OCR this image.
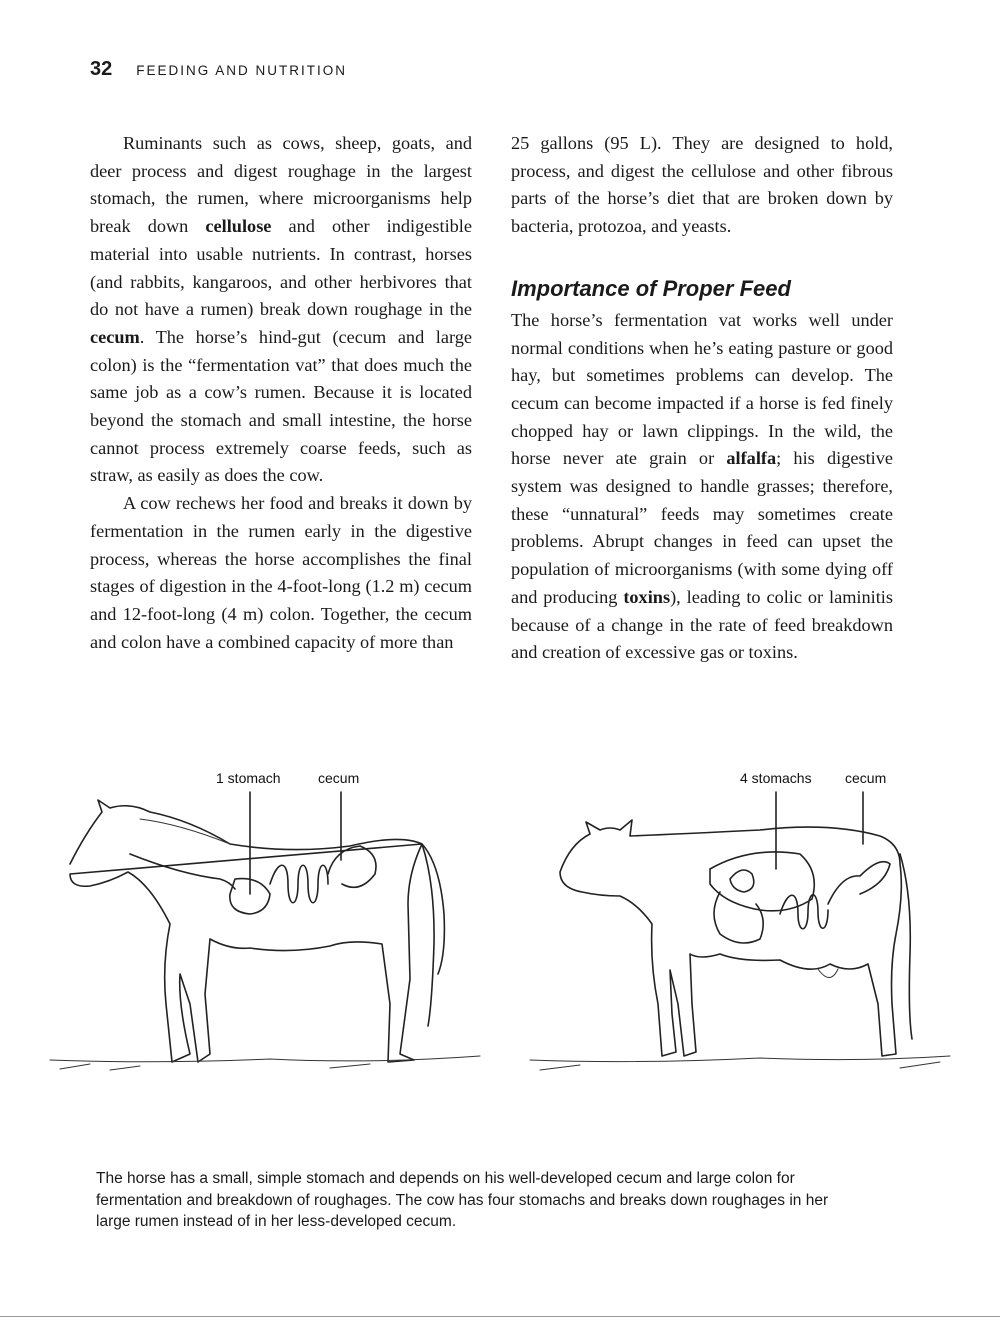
32 FEEDING AND NUTRITION

Ruminants such as cows, sheep, goats, and deer process and digest roughage in the largest stomach, the rumen, where microorganisms help break down cellulose and other indigestible material into usable nutrients. In contrast, horses (and rabbits, kangaroos, and other herbivores that do not have a rumen) break down roughage in the cecum. The horse’s hind-gut (cecum and large colon) is the “fermentation vat” that does much the same job as a cow’s rumen. Because it is located beyond the stomach and small intestine, the horse cannot process extremely coarse feeds, such as straw, as easily as does the cow.

A cow rechews her food and breaks it down by fermentation in the rumen early in the digestive process, whereas the horse accomplishes the final stages of digestion in the 4-foot-long (1.2 m) cecum and 12-foot-long (4 m) colon. Together, the cecum and colon have a combined capacity of more than

25 gallons (95 L). They are designed to hold, process, and digest the cellulose and other fibrous parts of the horse’s diet that are broken down by bacteria, protozoa, and yeasts.

Importance of Proper Feed

The horse’s fermentation vat works well under normal conditions when he’s eating pasture or good hay, but sometimes problems can develop. The cecum can become impacted if a horse is fed finely chopped hay or lawn clippings. In the wild, the horse never ate grain or alfalfa; his digestive system was designed to handle grasses; therefore, these “unnatural” feeds may sometimes create problems. Abrupt changes in feed can upset the population of microorganisms (with some dying off and producing toxins), leading to colic or laminitis because of a change in the rate of feed breakdown and creation of excessive gas or toxins.

1 stomach	cecum	4 stomachs cecum
The horse has a small, simple stomach and depends on his well-developed cecum and large colon for fermentation and breakdown of roughages. The cow has four stomachs and breaks down roughages in her large rumen instead of in her less-developed cecum.
